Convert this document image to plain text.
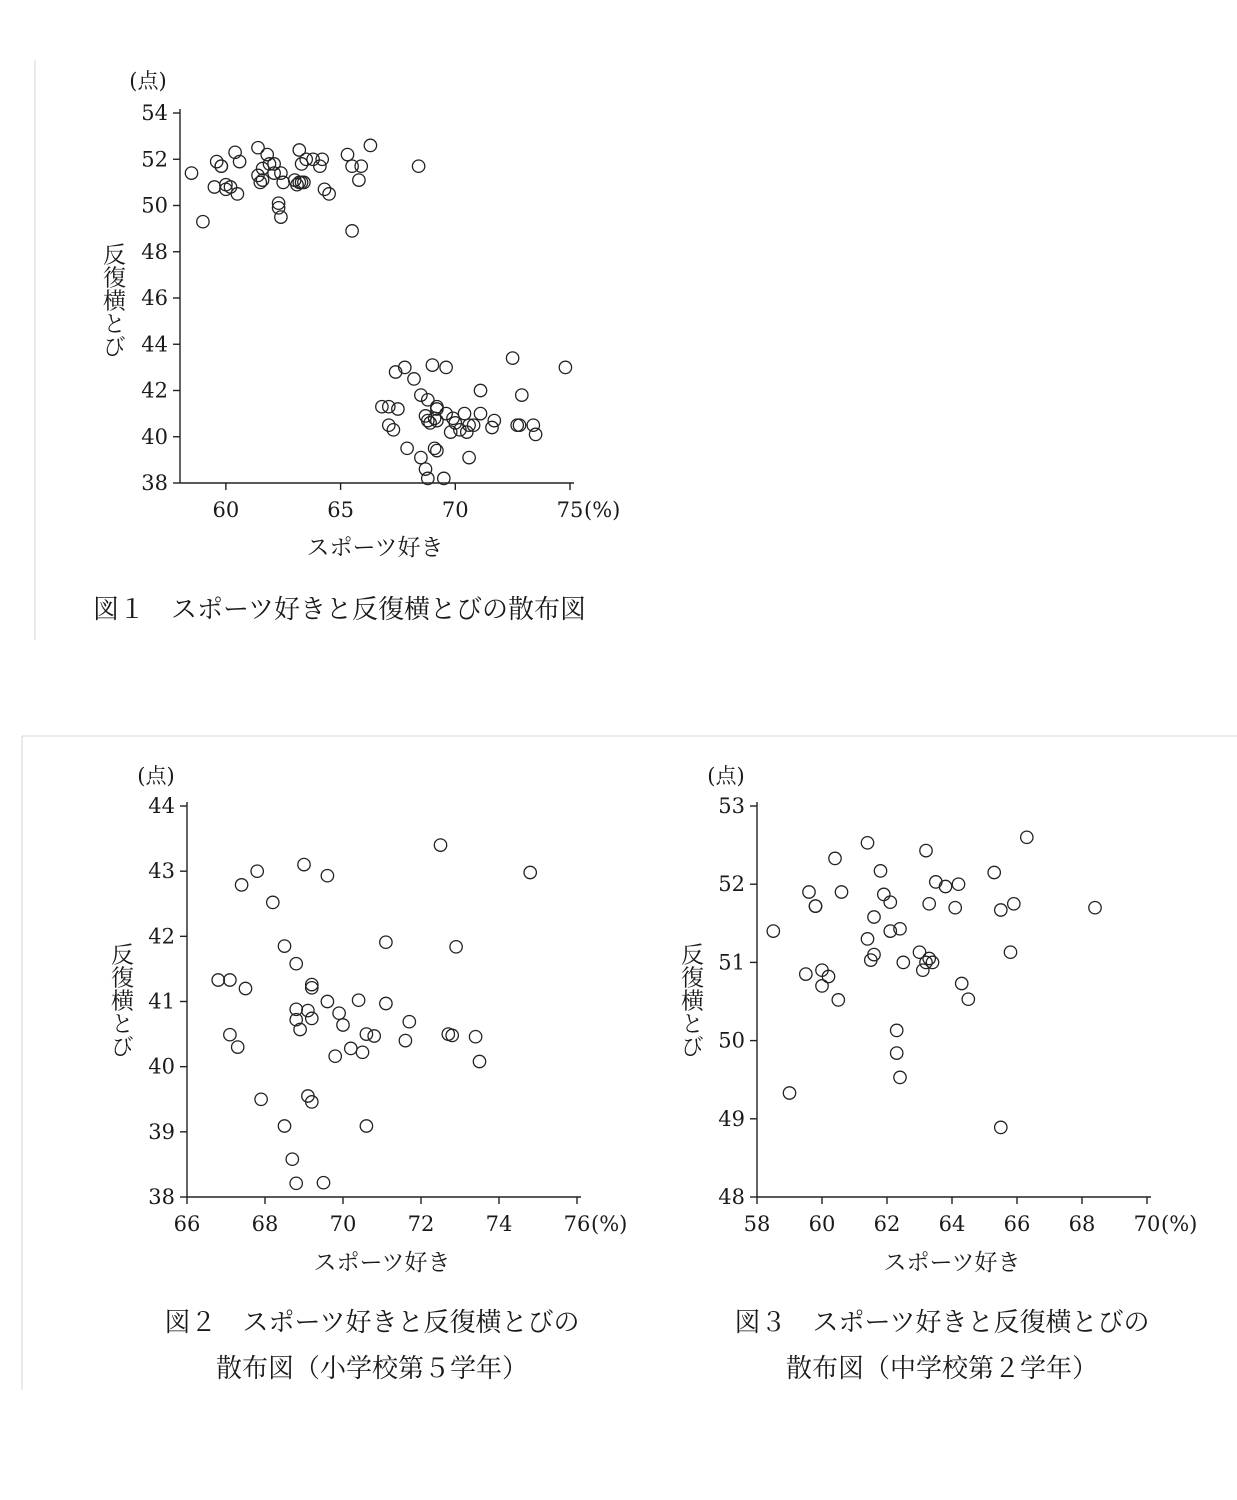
38
40
42
44
46
48
50
52
54
60	65	70	75 (%)
(点)
スポーツ好き
反復横とび
図１　スポーツ好きと反復横とびの散布図
38
39
40
41
42
43
44
66 68 70 72 74 76 (%)
(点)
スポーツ好き
反復横とび
図２　スポーツ好きと反復横とびの
散布図（小学校第５学年）
48
49
50
51
52
53
58 60 62 64 66 68 70 (%)
(点)
スポーツ好き
反復横とび
図３　スポーツ好きと反復横とびの
散布図（中学校第２学年）
